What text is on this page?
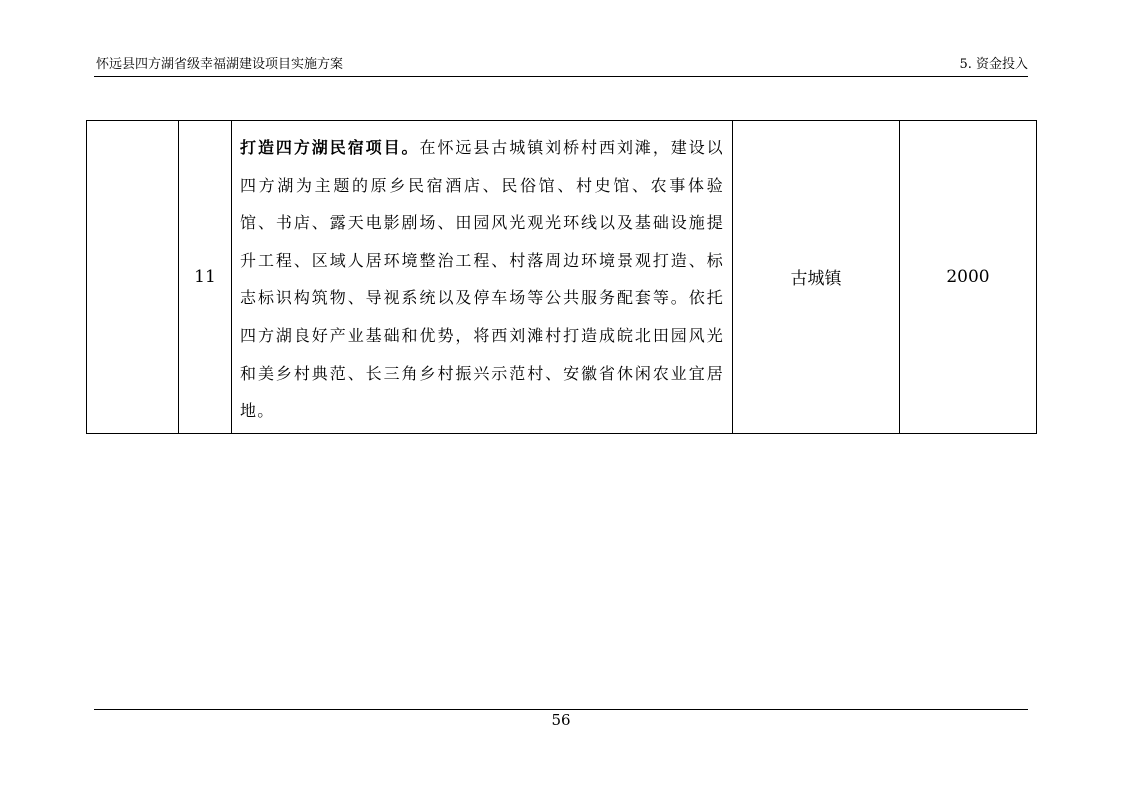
怀远县四方湖省级幸福湖建设项目实施方案	5. 资金投入
	11	打造四方湖民宿项目。在怀远县古城镇刘桥村西刘滩，建设以四方湖为主题的原乡民宿酒店、民俗馆、村史馆、农事体验馆、书店、露天电影剧场、田园风光观光环线以及基础设施提升工程、区域人居环境整治工程、村落周边环境景观打造、标志标识构筑物、导视系统以及停车场等公共服务配套等。依托四方湖良好产业基础和优势，将西刘滩村打造成皖北田园风光和美乡村典范、长三角乡村振兴示范村、安徽省休闲农业宜居地。	古城镇	2000
56
